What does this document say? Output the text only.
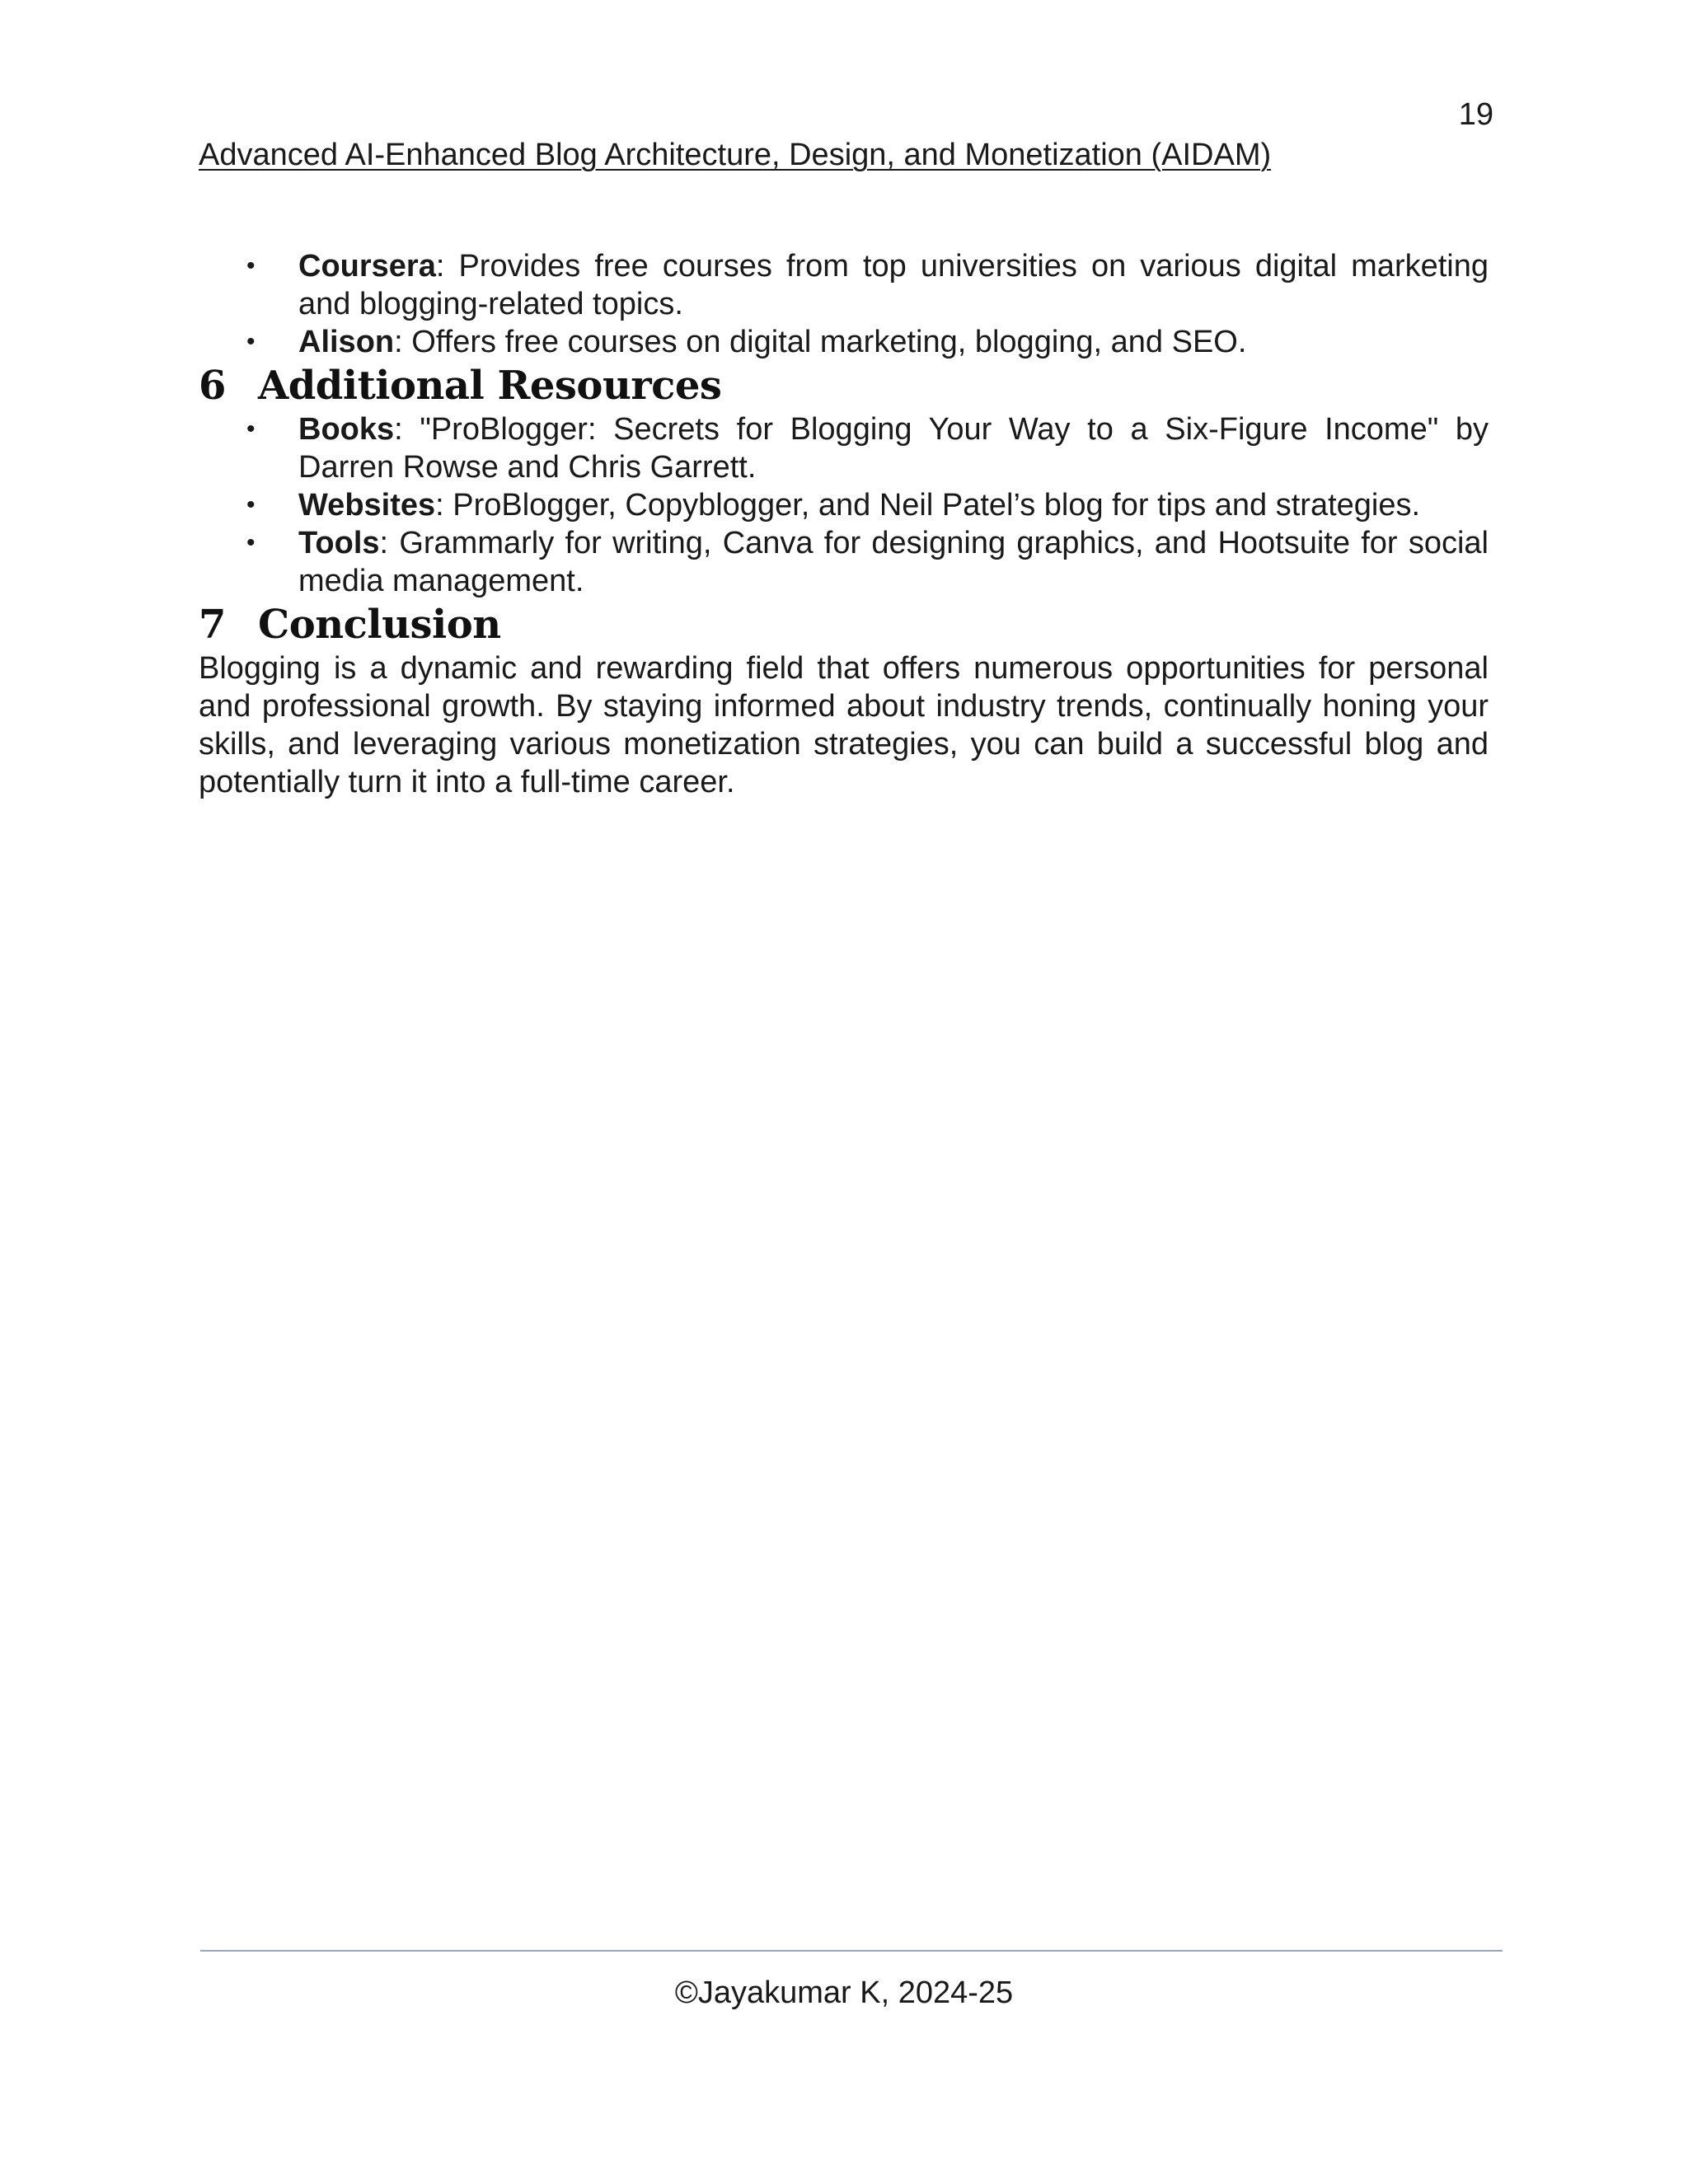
19
Advanced AI-Enhanced Blog Architecture, Design, and Monetization (AIDAM)
• Coursera: Provides free courses from top universities on various digital marketing and blogging-related topics.
• Alison: Offers free courses on digital marketing, blogging, and SEO.
6 Additional Resources
• Books: "ProBlogger: Secrets for Blogging Your Way to a Six-Figure Income" by Darren Rowse and Chris Garrett.
• Websites: ProBlogger, Copyblogger, and Neil Patel’s blog for tips and strategies.
• Tools: Grammarly for writing, Canva for designing graphics, and Hootsuite for social media management.
7 Conclusion

Blogging is a dynamic and rewarding field that offers numerous opportunities for personal and professional growth. By staying informed about industry trends, continually honing your skills, and leveraging various monetization strategies, you can build a successful blog and potentially turn it into a full-time career.

©Jayakumar K, 2024-25
